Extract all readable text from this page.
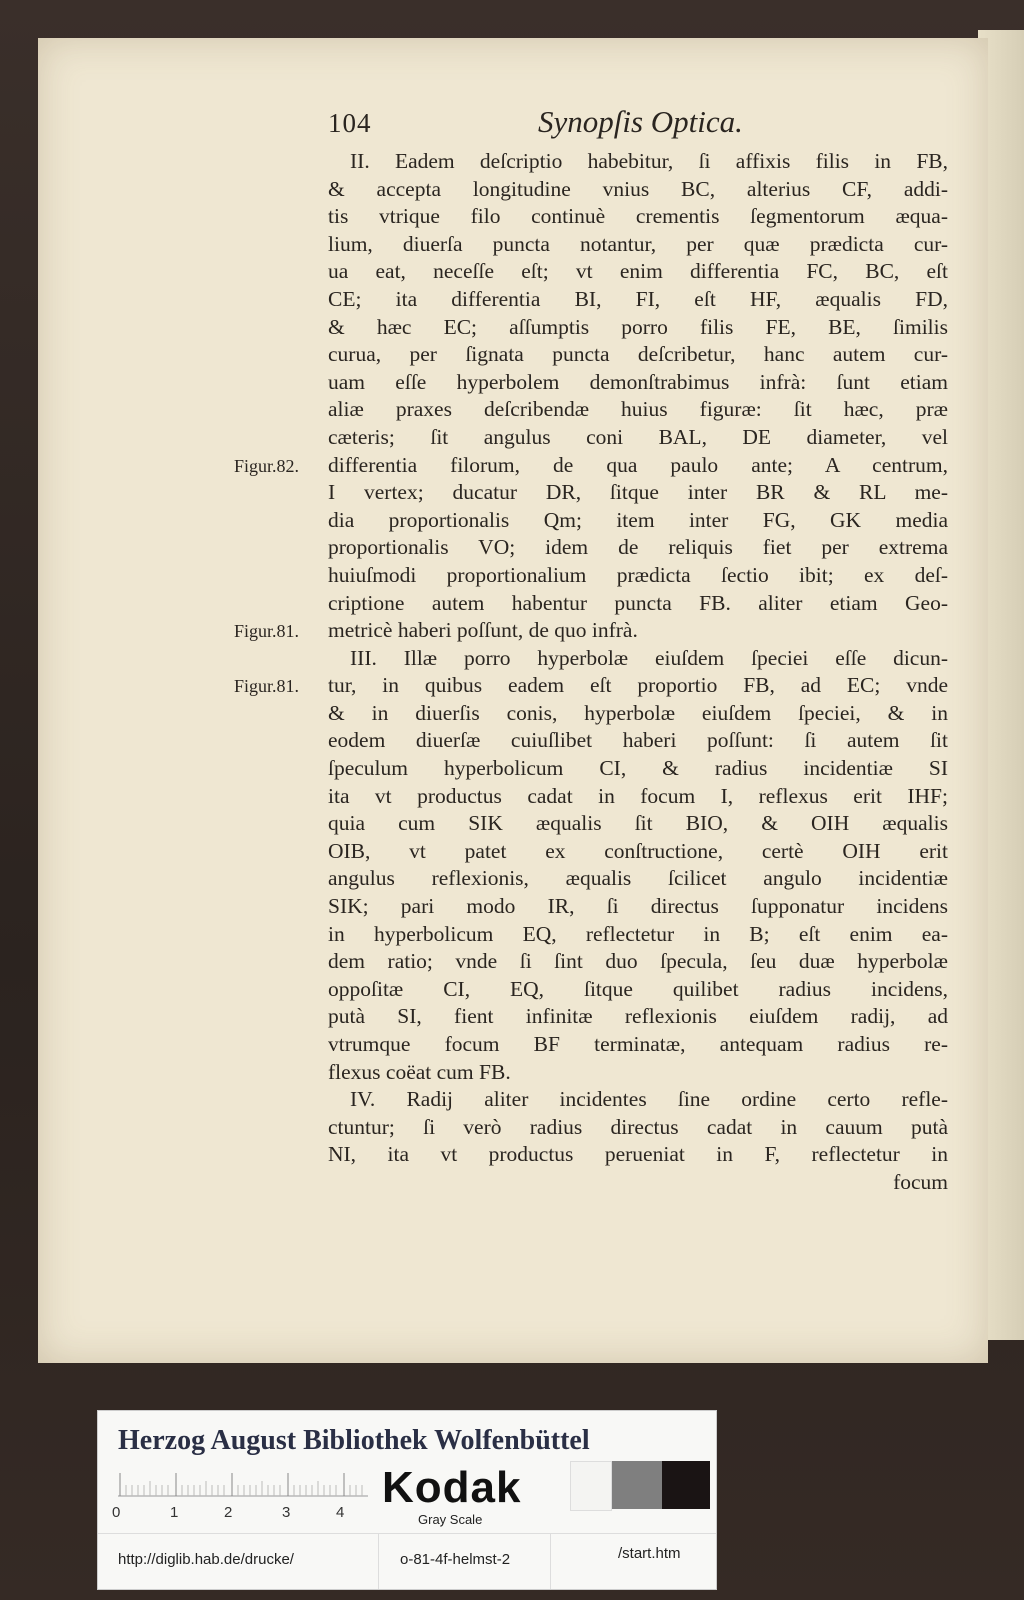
104	Synopſis Optica.
Figur.82.
Figur.81.
Figur.81.
II. Eadem deſcriptio habebitur, ſi affixis filis in FB,
& accepta longitudine vnius BC, alterius CF, addi-
tis vtrique filo continuè crementis ſegmentorum æqua-
lium, diuerſa puncta notantur, per quæ prædicta cur-
ua eat, neceſſe eſt; vt enim differentia FC, BC, eſt
CE; ita differentia BI, FI, eſt HF, æqualis FD,
& hæc EC; aſſumptis porro filis FE, BE, ſimilis
curua, per ſignata puncta deſcribetur, hanc autem cur-
uam eſſe hyperbolem demonſtrabimus infrà: ſunt etiam
aliæ praxes deſcribendæ huius figuræ: ſit hæc, præ
cæteris; ſit angulus coni BAL, DE diameter, vel
differentia filorum, de qua paulo ante; A centrum,
I vertex; ducatur DR, ſitque inter BR & RL me-
dia proportionalis Qm; item inter FG, GK media
proportionalis VO; idem de reliquis fiet per extrema
huiuſmodi proportionalium prædicta ſectio ibit; ex deſ-
criptione autem habentur puncta FB. aliter etiam Geo-
metricè haberi poſſunt, de quo infrà.
III. Illæ porro hyperbolæ eiuſdem ſpeciei eſſe dicun-
tur, in quibus eadem eſt proportio FB, ad EC; vnde
& in diuerſis conis, hyperbolæ eiuſdem ſpeciei, & in
eodem diuerſæ cuiuſlibet haberi poſſunt: ſi autem ſit
ſpeculum hyperbolicum CI, & radius incidentiæ SI
ita vt productus cadat in focum I, reflexus erit IHF;
quia cum SIK æqualis ſit BIO, & OIH æqualis
OIB, vt patet ex conſtructione, certè OIH erit
angulus reflexionis, æqualis ſcilicet angulo incidentiæ
SIK; pari modo IR, ſi directus ſupponatur incidens
in hyperbolicum EQ, reflectetur in B; eſt enim ea-
dem ratio; vnde ſi ſint duo ſpecula, ſeu duæ hyperbolæ
oppoſitæ CI, EQ, ſitque quilibet radius incidens,
putà SI, fient infinitæ reflexionis eiuſdem radij, ad
vtrumque focum BF terminatæ, antequam radius re-
flexus coëat cum FB.
IV. Radij aliter incidentes ſine ordine certo refle-
ctuntur; ſi verò radius directus cadat in cauum putà
NI, ita vt productus perueniat in F, reflectetur in
focum
Herzog August Bibliothek Wolfenbüttel
0	1	2	3	4
Kodak
Gray Scale
http://diglib.hab.de/drucke/	o-81-4f-helmst-2	/start.htm
